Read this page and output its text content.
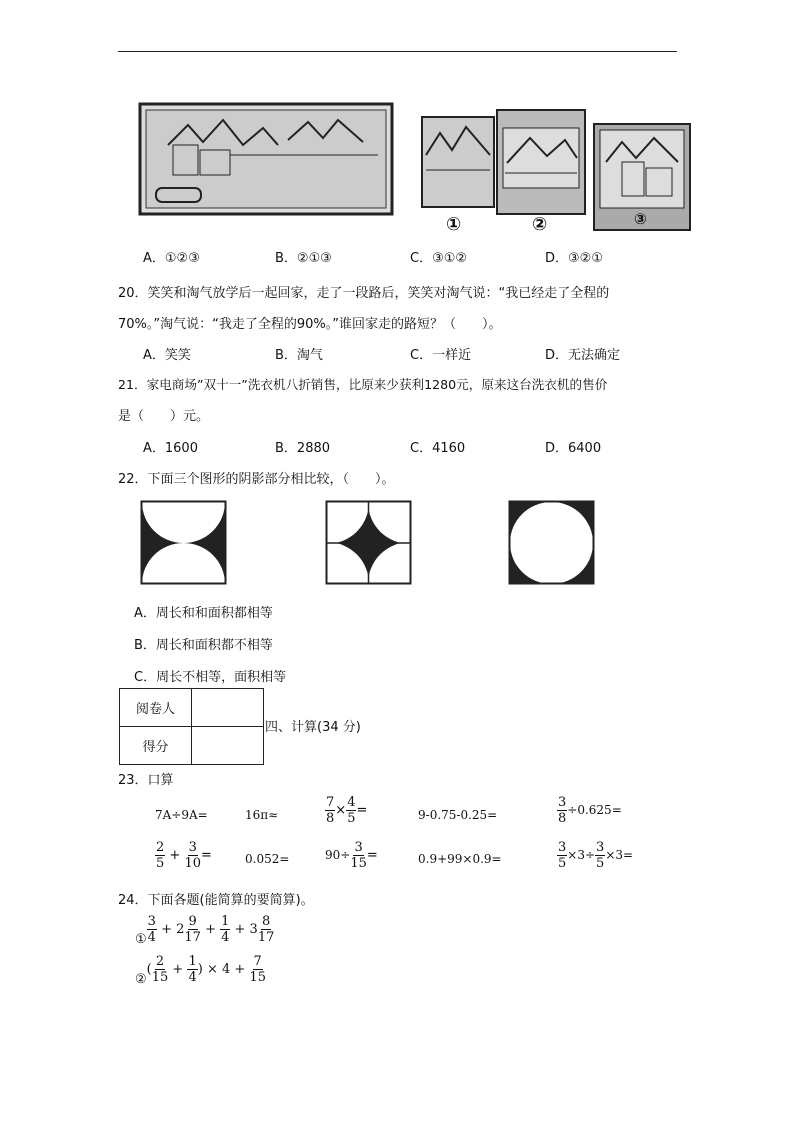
①	②	③
A．①②③	B．②①③	C．③①②	D．③②①
20．笑笑和淘气放学后一起回家，走了一段路后，笑笑对淘气说：“我已经走了全程的
70%。”淘气说：“我走了全程的90%。”谁回家走的路短？（　　）。
A．笑笑	B．淘气	C．一样近	D．无法确定
21．家电商场”双十一”洗衣机八折销售，比原来少获利1280元，原来这台洗衣机的售价
是（　　）元。
A．1600	B．2880	C．4160	D．6400
22．下面三个图形的阴影部分相比较，（　　）。
A．周长和和面积都相等
B．周长和面积都不相等
C．周长不相等，面积相等
阅卷人	
得分	
四、计算(34 分)
23．口算
7A÷9A=	16π≈	$\frac{7}{8} \times \frac{4}{5}$ =	9-0.75-0.25=	$\frac{3}{8} \div 0.625=$
$\frac{2}{5} + \frac{3}{10}$ =	0.052=	$90\div \frac{3}{15}$ =	0.9+99×0.9=	$\frac{3}{5} \times 3\div \frac{3}{5} \times 3=$
24．下面各题(能简算的要简算)。
① $\frac{3}{4} + 2 \frac{9}{17} + \frac{1}{4} + 3 \frac{8}{17}$
②( $\frac{2}{15} + \frac{1}{4}$ ) × $4 + \frac{7}{15}$
